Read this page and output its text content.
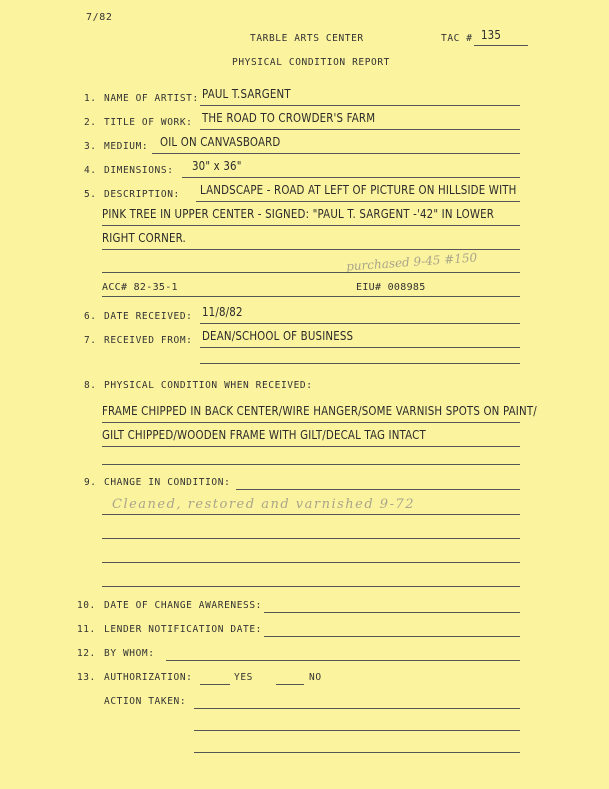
7/82
TARBLE ARTS CENTER	TAC # 135
PHYSICAL CONDITION REPORT
1. NAME OF ARTIST: PAUL T.SARGENT
2. TITLE OF WORK: THE ROAD TO CROWDER'S FARM
3. MEDIUM: OIL ON CANVASBOARD
4. DIMENSIONS: 30" x 36"
5. DESCRIPTION: LANDSCAPE - ROAD AT LEFT OF PICTURE ON HILLSIDE WITH
PINK TREE IN UPPER CENTER - SIGNED: "PAUL T. SARGENT -'42" IN LOWER
RIGHT CORNER.
purchased 9-45 #150
ACC# 82-35-1	EIU# 008985
6. DATE RECEIVED: 11/8/82
7. RECEIVED FROM: DEAN/SCHOOL OF BUSINESS
8. PHYSICAL CONDITION WHEN RECEIVED:
FRAME CHIPPED IN BACK CENTER/WIRE HANGER/SOME VARNISH SPOTS ON PAINT/
GILT CHIPPED/WOODEN FRAME WITH GILT/DECAL TAG INTACT
9. CHANGE IN CONDITION:
Cleaned, restored and varnished 9-72
10. DATE OF CHANGE AWARENESS:
11. LENDER NOTIFICATION DATE:
12. BY WHOM:
13. AUTHORIZATION:	YES	NO
ACTION TAKEN:
